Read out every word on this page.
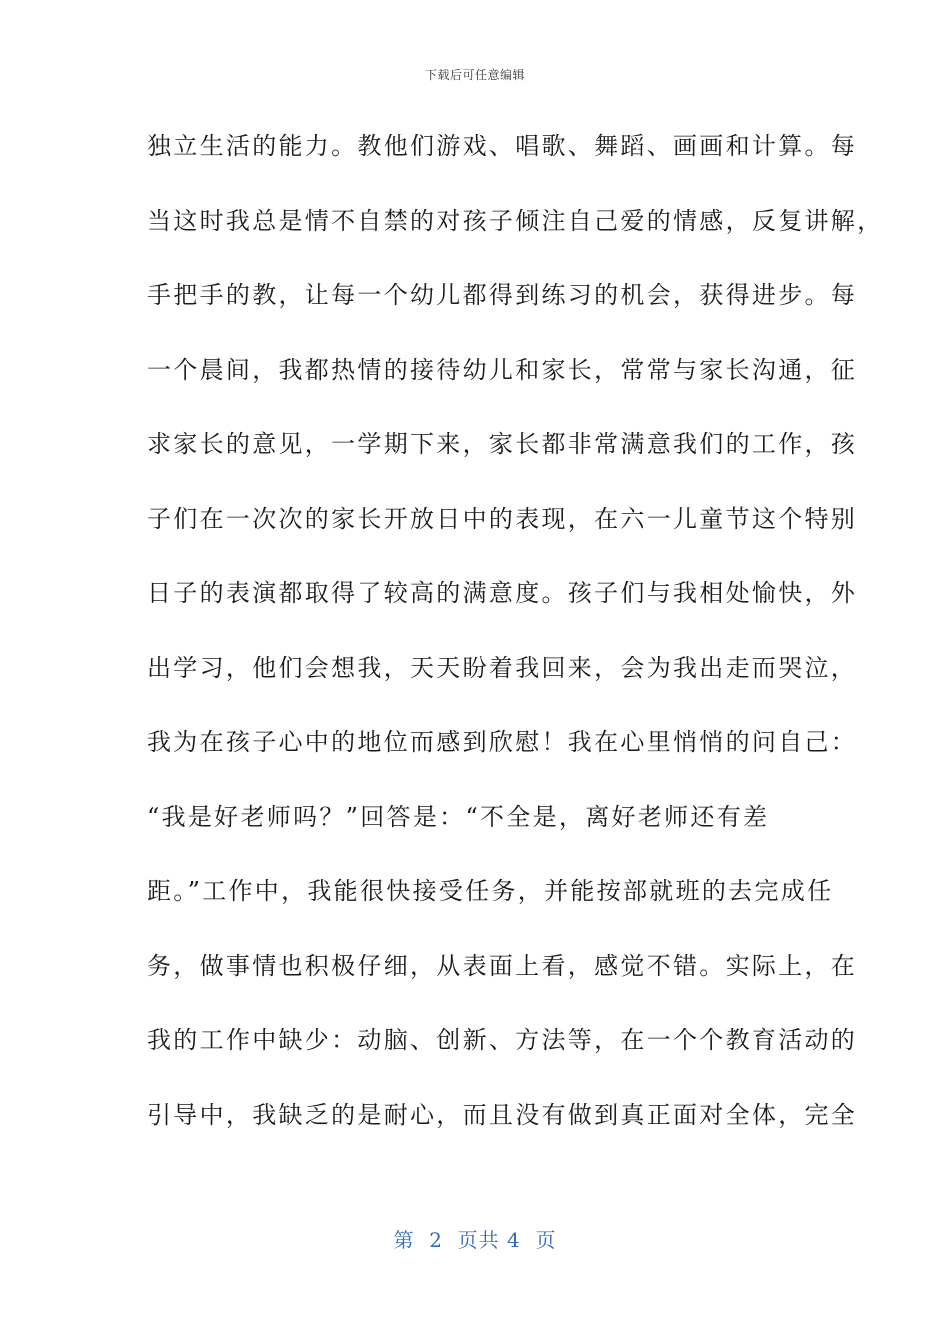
下载后可任意编辑
独立生活的能力。教他们游戏、唱歌、舞蹈、画画和计算。每
当这时我总是情不自禁的对孩子倾注自己爱的情感，反复讲解，
手把手的教，让每一个幼儿都得到练习的机会，获得进步。每
一个晨间，我都热情的接待幼儿和家长，常常与家长沟通，征
求家长的意见，一学期下来，家长都非常满意我们的工作，孩
子们在一次次的家长开放日中的表现，在六一儿童节这个特别
日子的表演都取得了较高的满意度。孩子们与我相处愉快，外
出学习，他们会想我，天天盼着我回来，会为我出走而哭泣，
我为在孩子心中的地位而感到欣慰！我在心里悄悄的问自己：
“我是好老师吗？”回答是：“不全是，离好老师还有差
距。”工作中，我能很快接受任务，并能按部就班的去完成任
务，做事情也积极仔细，从表面上看，感觉不错。实际上，在
我的工作中缺少：动脑、创新、方法等，在一个个教育活动的
引导中，我缺乏的是耐心，而且没有做到真正面对全体，完全
第  2  页共 4  页
